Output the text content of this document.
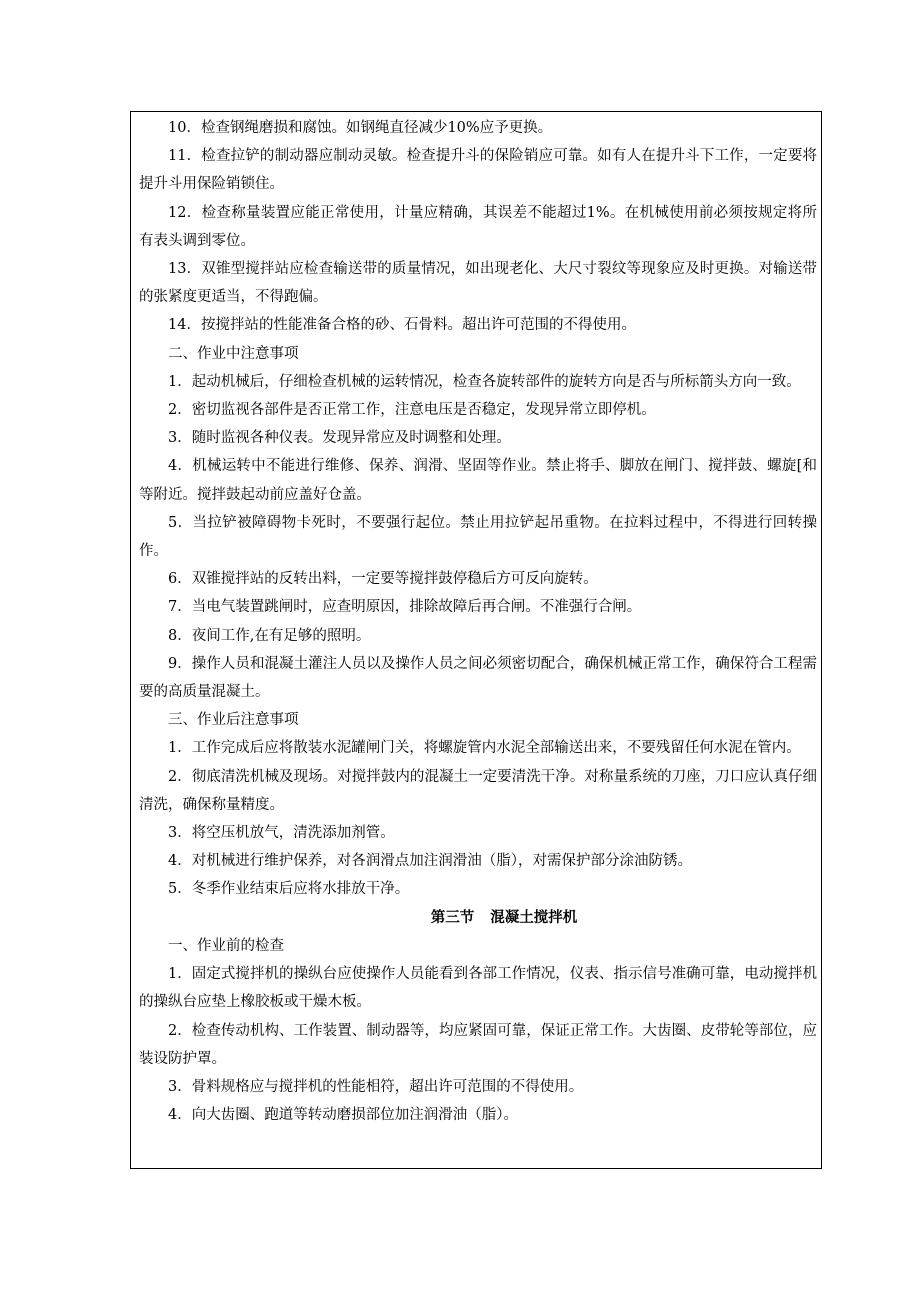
10．检查钢绳磨损和腐蚀。如钢绳直径减少10%应予更换。

11．检查拉铲的制动器应制动灵敏。检查提升斗的保险销应可靠。如有人在提升斗下工作，一定要将提升斗用保险销锁住。

12．检查称量装置应能正常使用，计量应精确，其误差不能超过1%。在机械使用前必须按规定将所有表头调到零位。

13．双锥型搅拌站应检查输送带的质量情况，如出现老化、大尺寸裂纹等现象应及时更换。对输送带的张紧度更适当，不得跑偏。

14．按搅拌站的性能准备合格的砂、石骨料。超出许可范围的不得使用。

二、作业中注意事项

1．起动机械后，仔细检查机械的运转情况，检查各旋转部件的旋转方向是否与所标箭头方向一致。

2．密切监视各部件是否正常工作，注意电压是否稳定，发现异常立即停机。

3．随时监视各种仪表。发现异常应及时调整和处理。

4．机械运转中不能进行维修、保养、润滑、坚固等作业。禁止将手、脚放在闸门、搅拌鼓、螺旋[和等附近。搅拌鼓起动前应盖好仓盖。

5．当拉铲被障碍物卡死时，不要强行起位。禁止用拉铲起吊重物。在拉料过程中，不得进行回转操作。

6．双锥搅拌站的反转出料，一定要等搅拌鼓停稳后方可反向旋转。

7．当电气装置跳闸时，应查明原因，排除故障后再合闸。不准强行合闸。

8．夜间工作,在有足够的照明。

9．操作人员和混凝土灌注人员以及操作人员之间必须密切配合，确保机械正常工作，确保符合工程需要的高质量混凝土。

三、作业后注意事项

1．工作完成后应将散装水泥罐闸门关，将螺旋管内水泥全部输送出来，不要残留任何水泥在管内。

2．彻底清洗机械及现场。对搅拌鼓内的混凝土一定要清洗干净。对称量系统的刀座，刀口应认真仔细清洗，确保称量精度。

3．将空压机放气，清洗添加剂管。

4．对机械进行维护保养，对各润滑点加注润滑油（脂），对需保护部分涂油防锈。

5．冬季作业结束后应将水排放干净。

第三节 混凝土搅拌机

一、作业前的检查

1．固定式搅拌机的操纵台应使操作人员能看到各部工作情况，仪表、指示信号准确可靠，电动搅拌机的操纵台应垫上橡胶板或干燥木板。

2．检查传动机构、工作装置、制动器等，均应紧固可靠，保证正常工作。大齿圈、皮带轮等部位，应装设防护罩。

3．骨料规格应与搅拌机的性能相符，超出许可范围的不得使用。

4．向大齿圈、跑道等转动磨损部位加注润滑油（脂）。
